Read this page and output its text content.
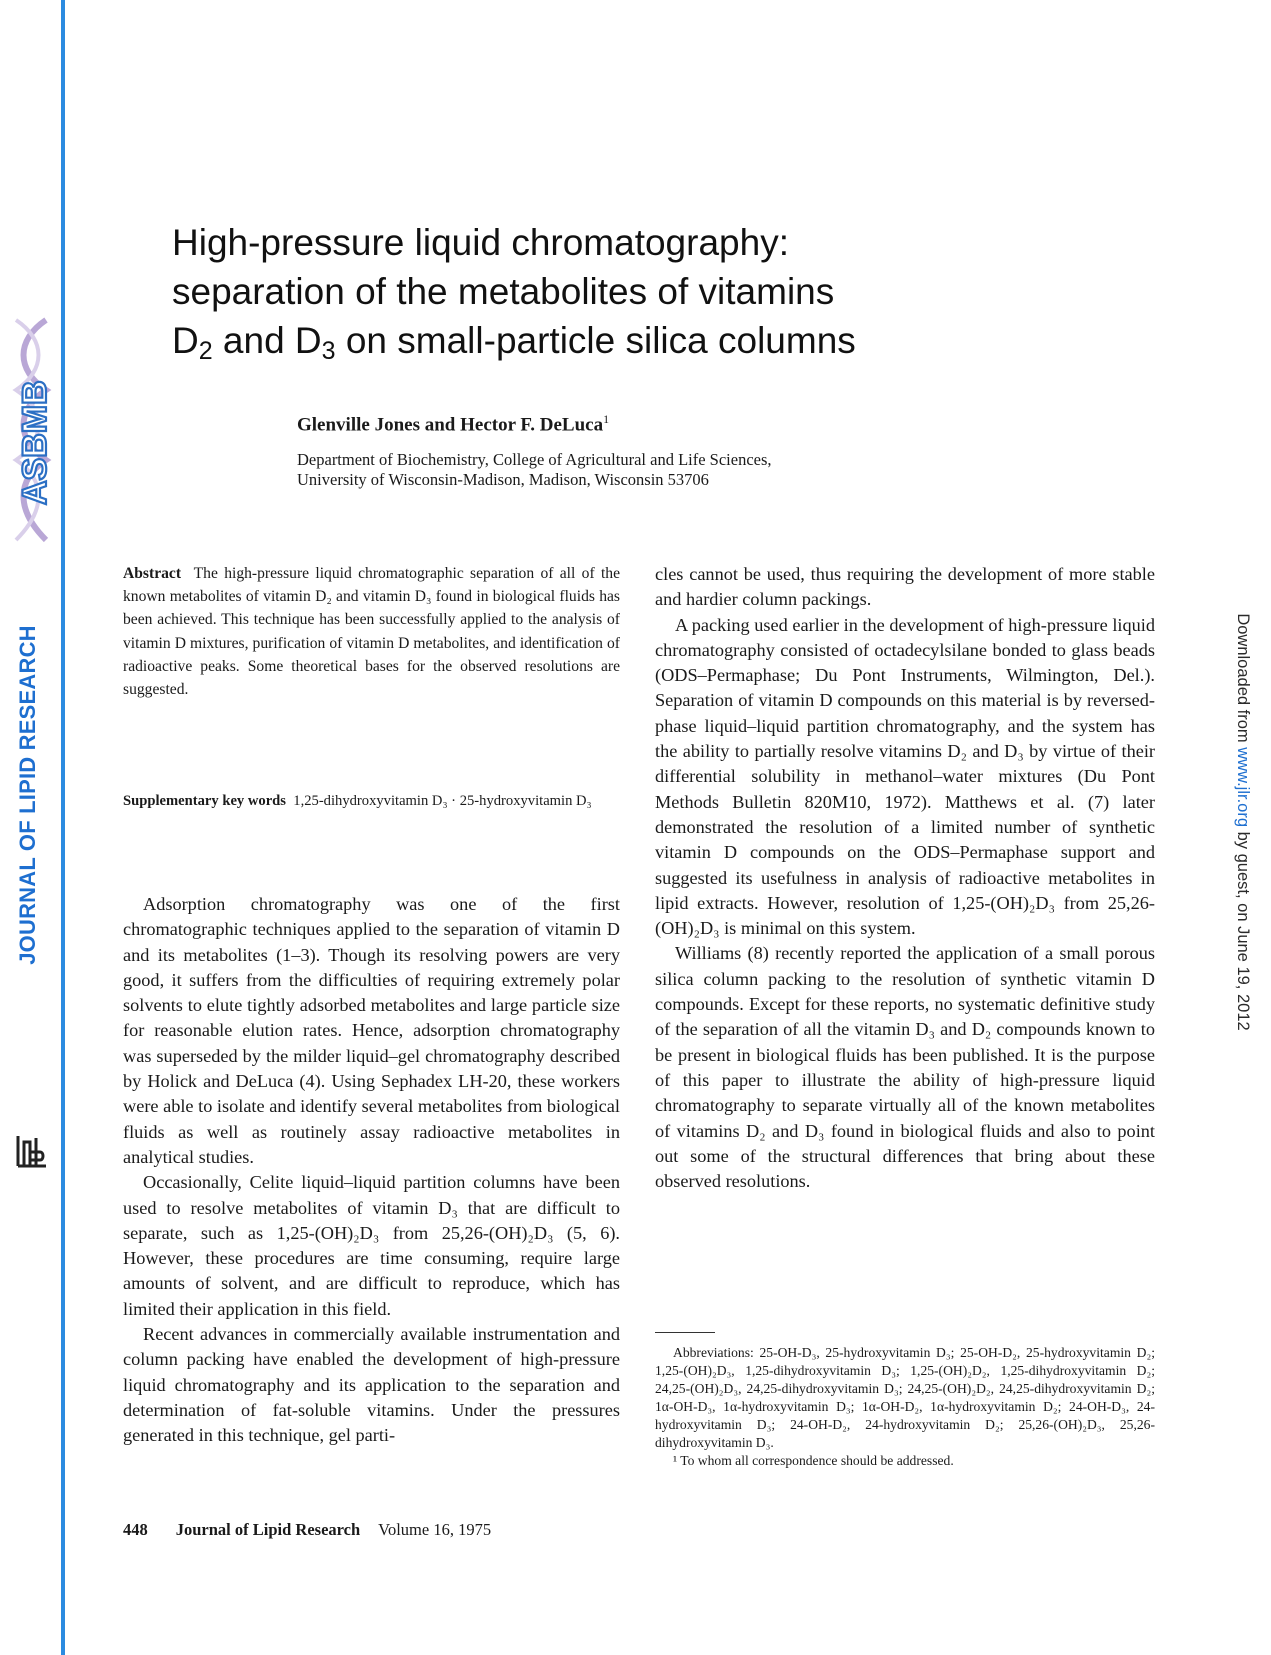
ASBMB
JOURNAL OF LIPID RESEARCH	Downloaded from www.jlr.org by guest, on June 19, 2012
High-pressure liquid chromatography:
separation of the metabolites of vitamins
$D_2$ and $D_3$ on small-particle silica columns
Glenville Jones and Hector F. DeLuca$^1$
Department of Biochemistry, College of Agricultural and Life Sciences,
University of Wisconsin-Madison, Madison, Wisconsin 53706

Abstract The high-pressure liquid chromatographic separation of all of the known metabolites of vitamin D₂ and vitamin D₃ found in biological fluids has been achieved. This technique has been successfully applied to the analysis of vitamin D mixtures, purification of vitamin D metabolites, and identification of radioactive peaks. Some theoretical bases for the observed resolutions are suggested.

Supplementary key words 1,25-dihydroxyvitamin D₃ · 25-hydroxyvitamin D₃

Adsorption chromatography was one of the first chromatographic techniques applied to the separation of vitamin D and its metabolites (1–3). Though its resolving powers are very good, it suffers from the difficulties of requiring extremely polar solvents to elute tightly adsorbed metabolites and large particle size for reasonable elution rates. Hence, adsorption chromatography was superseded by the milder liquid–gel chromatography described by Holick and DeLuca (4). Using Sephadex LH-20, these workers were able to isolate and identify several metabolites from biological fluids as well as routinely assay radioactive metabolites in analytical studies.

Occasionally, Celite liquid–liquid partition columns have been used to resolve metabolites of vitamin D₃ that are difficult to separate, such as 1,25-(OH)₂D₃ from 25,26-(OH)₂D₃ (5, 6). However, these procedures are time consuming, require large amounts of solvent, and are difficult to reproduce, which has limited their application in this field.

Recent advances in commercially available instrumentation and column packing have enabled the development of high-pressure liquid chromatography and its application to the separation and determination of fat-soluble vitamins. Under the pressures generated in this technique, gel parti-

cles cannot be used, thus requiring the development of more stable and hardier column packings.

A packing used earlier in the development of high-pressure liquid chromatography consisted of octadecylsilane bonded to glass beads (ODS–Permaphase; Du Pont Instruments, Wilmington, Del.). Separation of vitamin D compounds on this material is by reversed-phase liquid–liquid partition chromatography, and the system has the ability to partially resolve vitamins D₂ and D₃ by virtue of their differential solubility in methanol–water mixtures (Du Pont Methods Bulletin 820M10, 1972). Matthews et al. (7) later demonstrated the resolution of a limited number of synthetic vitamin D compounds on the ODS–Permaphase support and suggested its usefulness in analysis of radioactive metabolites in lipid extracts. However, resolution of 1,25-(OH)₂D₃ from 25,26-(OH)₂D₃ is minimal on this system.

Williams (8) recently reported the application of a small porous silica column packing to the resolution of synthetic vitamin D compounds. Except for these reports, no systematic definitive study of the separation of all the vitamin D₃ and D₂ compounds known to be present in biological fluids has been published. It is the purpose of this paper to illustrate the ability of high-pressure liquid chromatography to separate virtually all of the known metabolites of vitamins D₂ and D₃ found in biological fluids and also to point out some of the structural differences that bring about these observed resolutions.

Abbreviations: 25-OH-D₃, 25-hydroxyvitamin D₃; 25-OH-D₂, 25-hydroxyvitamin D₂; 1,25-(OH)₂D₃, 1,25-dihydroxyvitamin D₃; 1,25-(OH)₂D₂, 1,25-dihydroxyvitamin D₂; 24,25-(OH)₂D₃, 24,25-dihydroxyvitamin D₃; 24,25-(OH)₂D₂, 24,25-dihydroxyvitamin D₂; 1α-OH-D₃, 1α-hydroxyvitamin D₃; 1α-OH-D₂, 1α-hydroxyvitamin D₂; 24-OH-D₃, 24-hydroxyvitamin D₃; 24-OH-D₂, 24-hydroxyvitamin D₂; 25,26-(OH)₂D₃, 25,26-dihydroxyvitamin D₃.

¹ To whom all correspondence should be addressed.

448 Journal of Lipid Research Volume 16, 1975
